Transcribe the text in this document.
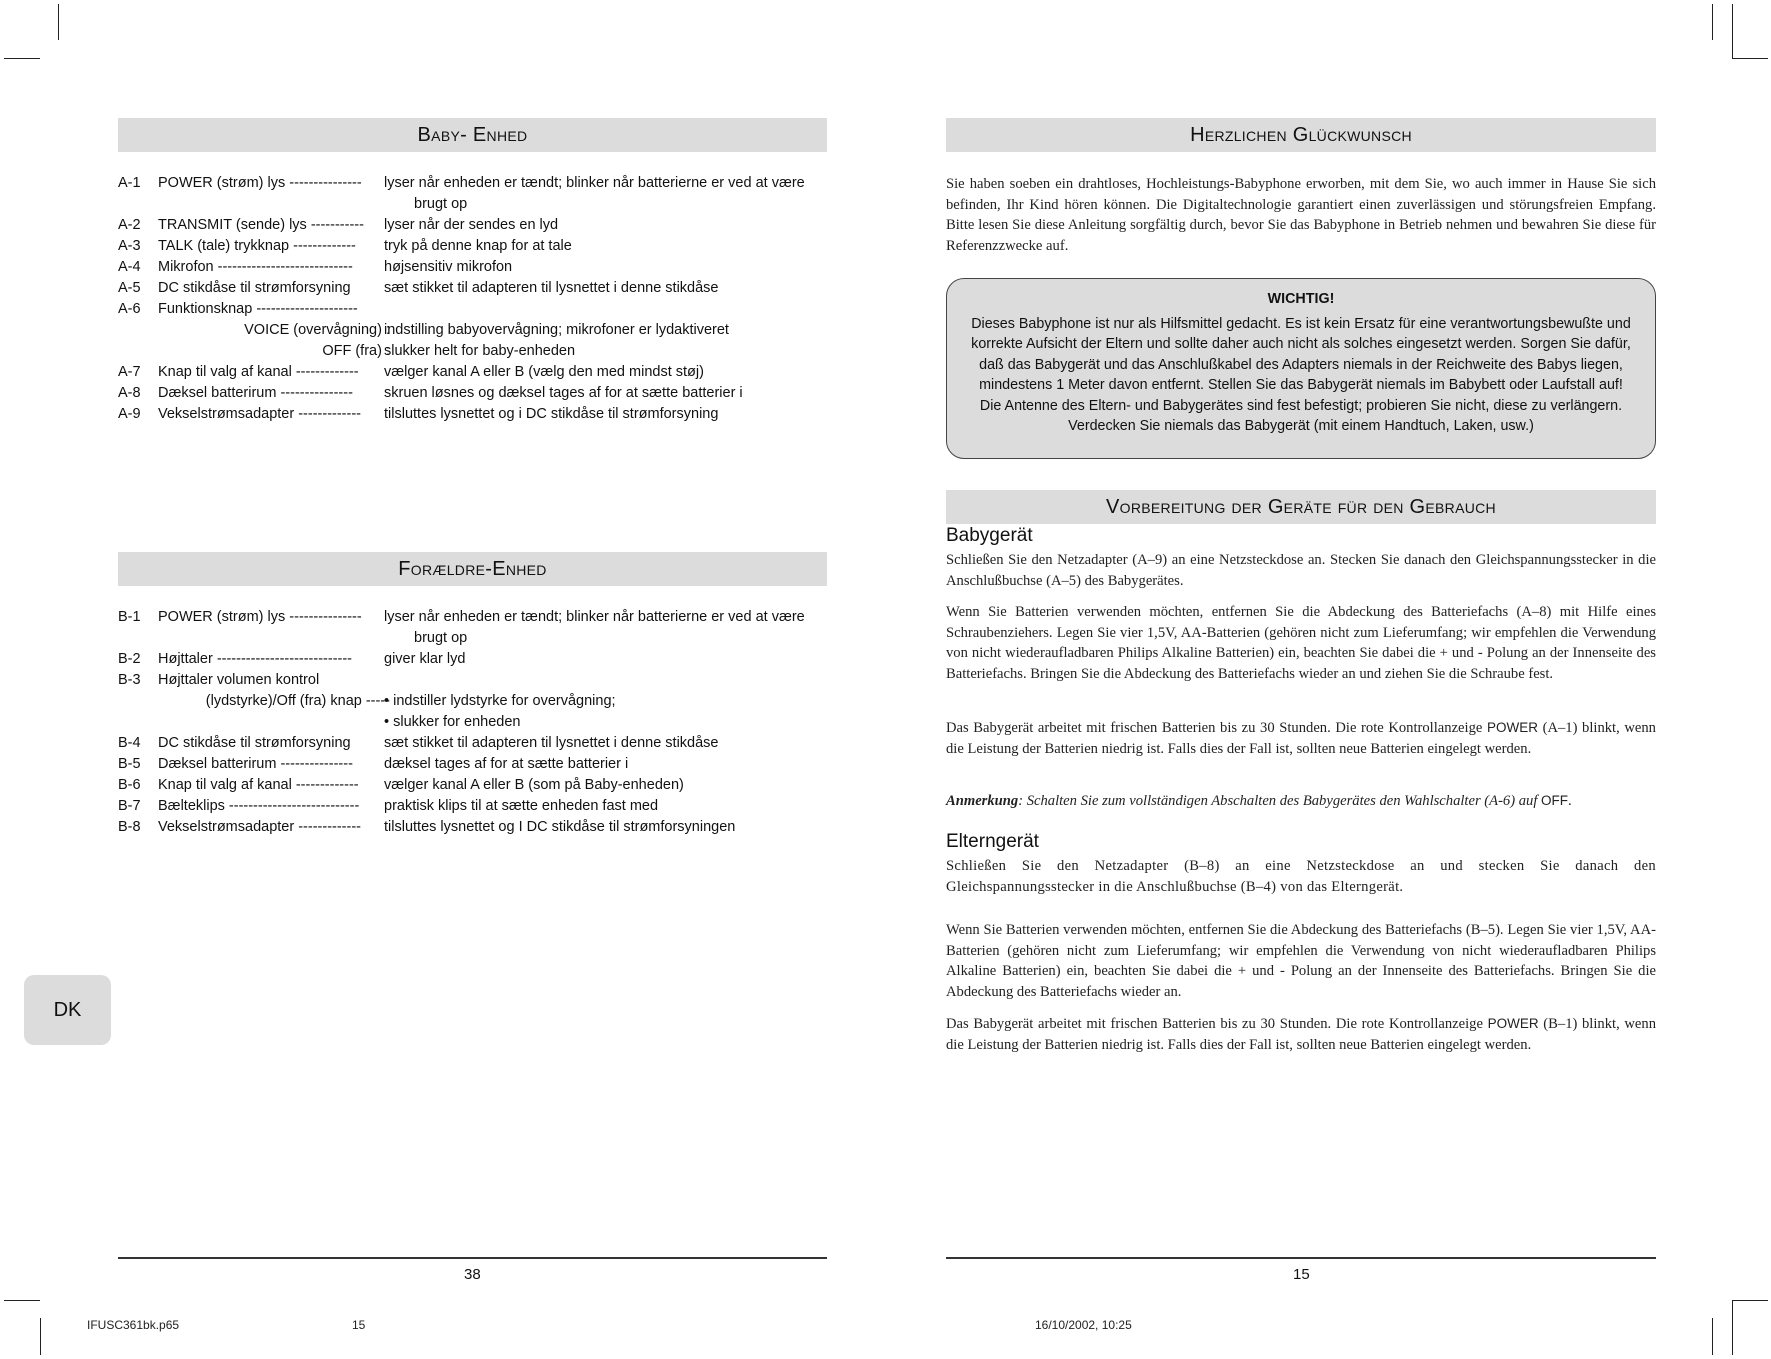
Baby- Enhed
A-1 POWER (strøm) lys --------------- lyser når enheden er tændt; blinker når batterierne er ved at være
brugt op
A-2 TRANSMIT (sende) lys ----------- lyser når der sendes en lyd
A-3 TALK (tale) trykknap ------------- tryk på denne knap for at tale
A-4 Mikrofon ---------------------------- højsensitiv mikrofon
A-5 DC stikdåse til strømforsyning sæt stikket til adapteren til lysnettet i denne stikdåse
A-6 Funktionsknap ---------------------
VOICE (overvågning) :
indstilling babyovervågning; mikrofoner er lydaktiveret
OFF (fra) :
slukker helt for baby-enheden
A-7 Knap til valg af kanal ------------- vælger kanal A eller B (vælg den med mindst støj)
A-8 Dæksel batterirum --------------- skruen løsnes og dæksel tages af for at sætte batterier i
A-9 Vekselstrømsadapter ------------- tilsluttes lysnettet og i DC stikdåse til strømforsyning
Forældre-Enhed
B-1 POWER (strøm) lys --------------- lyser når enheden er tændt; blinker når batterierne er ved at være
brugt op
B-2 Højttaler ---------------------------- giver klar lyd
B-3 Højttaler volumen kontrol
(lydstyrke)/Off (fra) knap -----
• indstiller lydstyrke for overvågning;
• slukker for enheden
B-4 DC stikdåse til strømforsyning sæt stikket til adapteren til lysnettet i denne stikdåse
B-5 Dæksel batterirum --------------- dæksel tages af for at sætte batterier i
B-6 Knap til valg af kanal ------------- vælger kanal A eller B (som på Baby-enheden)
B-7 Bælteklips --------------------------- praktisk klips til at sætte enheden fast med
B-8 Vekselstrømsadapter ------------- tilsluttes lysnettet og I DC stikdåse til strømforsyningen
DK
38
Herzlichen Glückwunsch
Sie haben soeben ein drahtloses, Hochleistungs-Babyphone erworben, mit dem Sie, wo auch immer in Hause Sie sich befinden, Ihr Kind hören können. Die Digitaltechnologie garantiert einen zuverlässigen und störungsfreien Empfang. Bitte lesen Sie diese Anleitung sorgfältig durch, bevor Sie das Babyphone in Betrieb nehmen und bewahren Sie diese für Referenzzwecke auf.
WICHTIG!
Dieses Babyphone ist nur als Hilfsmittel gedacht. Es ist kein Ersatz für eine verantwortungsbewußte und
korrekte Aufsicht der Eltern und sollte daher auch nicht als solches eingesetzt werden. Sorgen Sie dafür,
daß das Babygerät und das Anschlußkabel des Adapters niemals in der Reichweite des Babys liegen,
mindestens 1 Meter davon entfernt. Stellen Sie das Babygerät niemals im Babybett oder Laufstall auf!
Die Antenne des Eltern- und Babygerätes sind fest befestigt; probieren Sie nicht, diese zu verlängern.
Verdecken Sie niemals das Babygerät (mit einem Handtuch, Laken, usw.)
Vorbereitung der Geräte für den Gebrauch
Babygerät
Schließen Sie den Netzadapter (A–9) an eine Netzsteckdose an. Stecken Sie danach den Gleichspannungsstecker in die Anschlußbuchse (A–5) des Babygerätes.
Wenn Sie Batterien verwenden möchten, entfernen Sie die Abdeckung des Batteriefachs (A–8) mit Hilfe eines Schraubenziehers. Legen Sie vier 1,5V, AA-Batterien (gehören nicht zum Lieferumfang; wir empfehlen die Verwendung von nicht wiederaufladbaren Philips Alkaline Batterien) ein, beachten Sie dabei die + und - Polung an der Innenseite des Batteriefachs. Bringen Sie die Abdeckung des Batteriefachs wieder an und ziehen Sie die Schraube fest.
Das Babygerät arbeitet mit frischen Batterien bis zu 30 Stunden. Die rote Kontrollanzeige POWER (A–1) blinkt, wenn die Leistung der Batterien niedrig ist. Falls dies der Fall ist, sollten neue Batterien eingelegt werden.
Anmerkung: Schalten Sie zum vollständigen Abschalten des Babygerätes den Wahlschalter (A-6) auf OFF.
Elterngerät
Schließen Sie den Netzadapter (B–8) an eine Netzsteckdose an und stecken Sie danach den Gleichspannungsstecker in die Anschlußbuchse (B–4) von das Elterngerät.
Wenn Sie Batterien verwenden möchten, entfernen Sie die Abdeckung des Batteriefachs (B–5). Legen Sie vier 1,5V, AA-Batterien (gehören nicht zum Lieferumfang; wir empfehlen die Verwendung von nicht wiederaufladbaren Philips Alkaline Batterien) ein, beachten Sie dabei die + und - Polung an der Innenseite des Batteriefachs. Bringen Sie die Abdeckung des Batteriefachs wieder an.
Das Babygerät arbeitet mit frischen Batterien bis zu 30 Stunden. Die rote Kontrollanzeige POWER (B–1) blinkt, wenn die Leistung der Batterien niedrig ist. Falls dies der Fall ist, sollten neue Batterien eingelegt werden.
15
IFUSC361bk.p65	15	16/10/2002, 10:25
